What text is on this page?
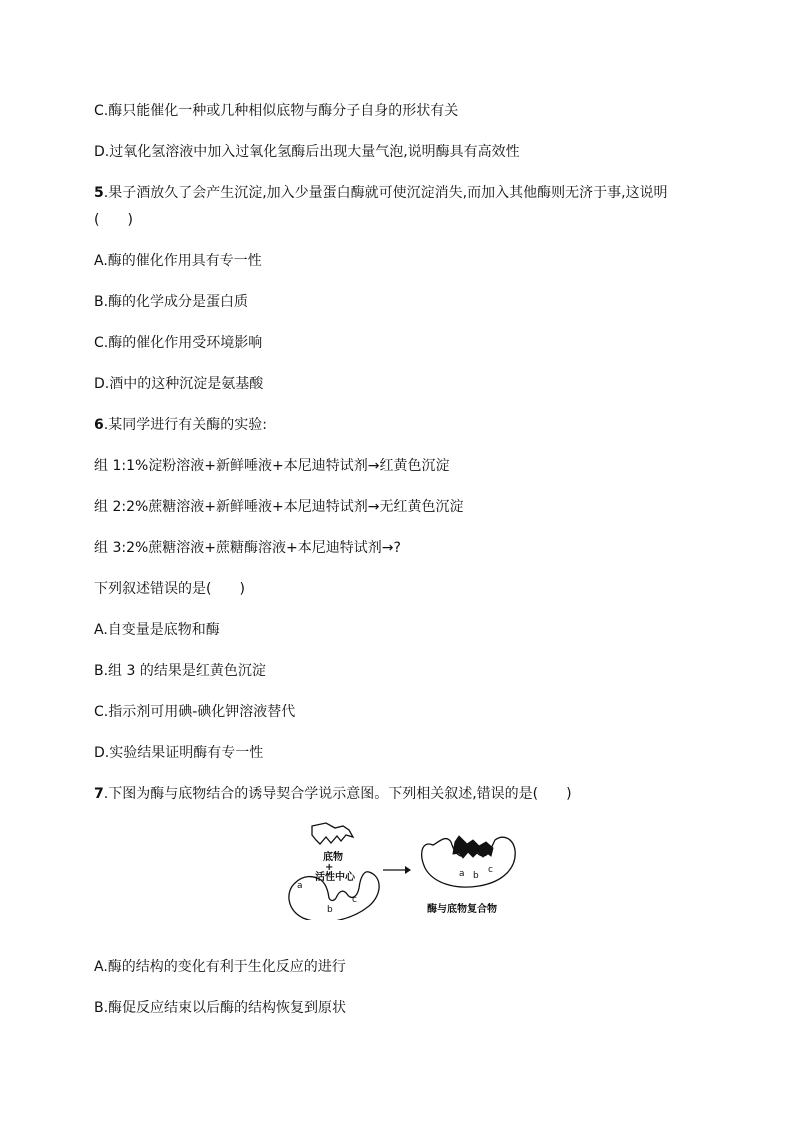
C.酶只能催化一种或几种相似底物与酶分子自身的形状有关
D.过氧化氢溶液中加入过氧化氢酶后出现大量气泡,说明酶具有高效性
5.果子酒放久了会产生沉淀,加入少量蛋白酶就可使沉淀消失,而加入其他酶则无济于事,这说明
(　　)
A.酶的催化作用具有专一性
B.酶的化学成分是蛋白质
C.酶的催化作用受环境影响
D.酒中的这种沉淀是氨基酸
6.某同学进行有关酶的实验:
组 1:1%淀粉溶液+新鲜唾液+本尼迪特试剂→红黄色沉淀
组 2:2%蔗糖溶液+新鲜唾液+本尼迪特试剂→无红黄色沉淀
组 3:2%蔗糖溶液+蔗糖酶溶液+本尼迪特试剂→?
下列叙述错误的是(　　)
A.自变量是底物和酶
B.组 3 的结果是红黄色沉淀
C.指示剂可用碘-碘化钾溶液替代
D.实验结果证明酶有专一性
7.下图为酶与底物结合的诱导契合学说示意图。下列相关叙述,错误的是(　　)
底物
+
活性中心
a
b
c
a b
c
酶与底物复合物
A.酶的结构的变化有利于生化反应的进行
B.酶促反应结束以后酶的结构恢复到原状
